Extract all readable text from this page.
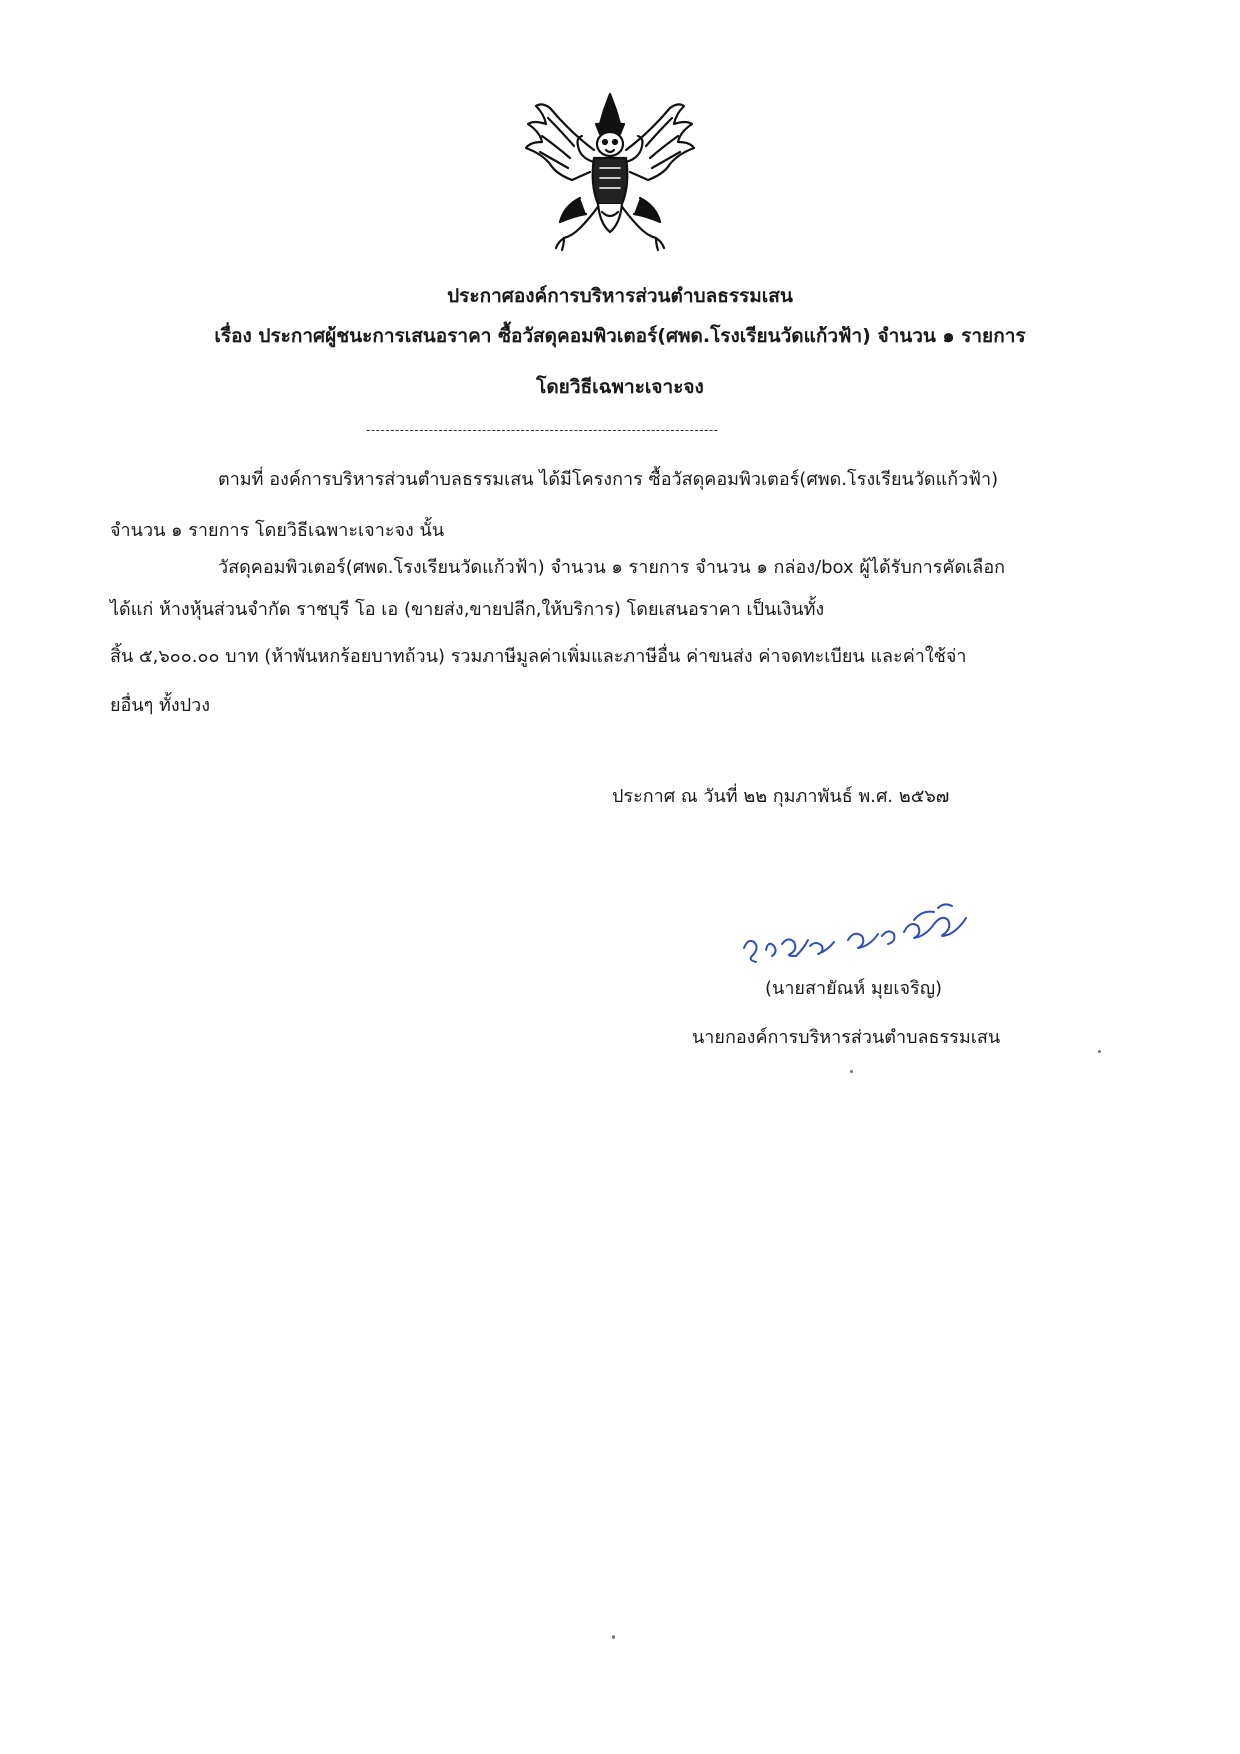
ประกาศองค์การบริหารส่วนตำบลธรรมเสน
เรื่อง ประกาศผู้ชนะการเสนอราคา ซื้อวัสดุคอมพิวเตอร์(ศพด.โรงเรียนวัดแก้วฟ้า) จำนวน ๑ รายการ
โดยวิธีเฉพาะเจาะจง
-------------------------------------------------------------------------
ตามที่ องค์การบริหารส่วนตำบลธรรมเสน ได้มีโครงการ ซื้อวัสดุคอมพิวเตอร์(ศพด.โรงเรียนวัดแก้วฟ้า)
จำนวน ๑ รายการ โดยวิธีเฉพาะเจาะจง นั้น
วัสดุคอมพิวเตอร์(ศพด.โรงเรียนวัดแก้วฟ้า) จำนวน ๑ รายการ จำนวน ๑ กล่อง/box ผู้ได้รับการคัดเลือก
ได้แก่ ห้างหุ้นส่วนจำกัด ราชบุรี โอ เอ (ขายส่ง,ขายปลีก,ให้บริการ) โดยเสนอราคา เป็นเงินทั้ง
สิ้น ๕,๖๐๐.๐๐ บาท (ห้าพันหกร้อยบาทถ้วน) รวมภาษีมูลค่าเพิ่มและภาษีอื่น ค่าขนส่ง ค่าจดทะเบียน และค่าใช้จ่า
ยอื่นๆ ทั้งปวง
ประกาศ ณ วันที่ ๒๒ กุมภาพันธ์ พ.ศ. ๒๕๖๗
(นายสายัณห์ มุยเจริญ)
นายกองค์การบริหารส่วนตำบลธรรมเสน
